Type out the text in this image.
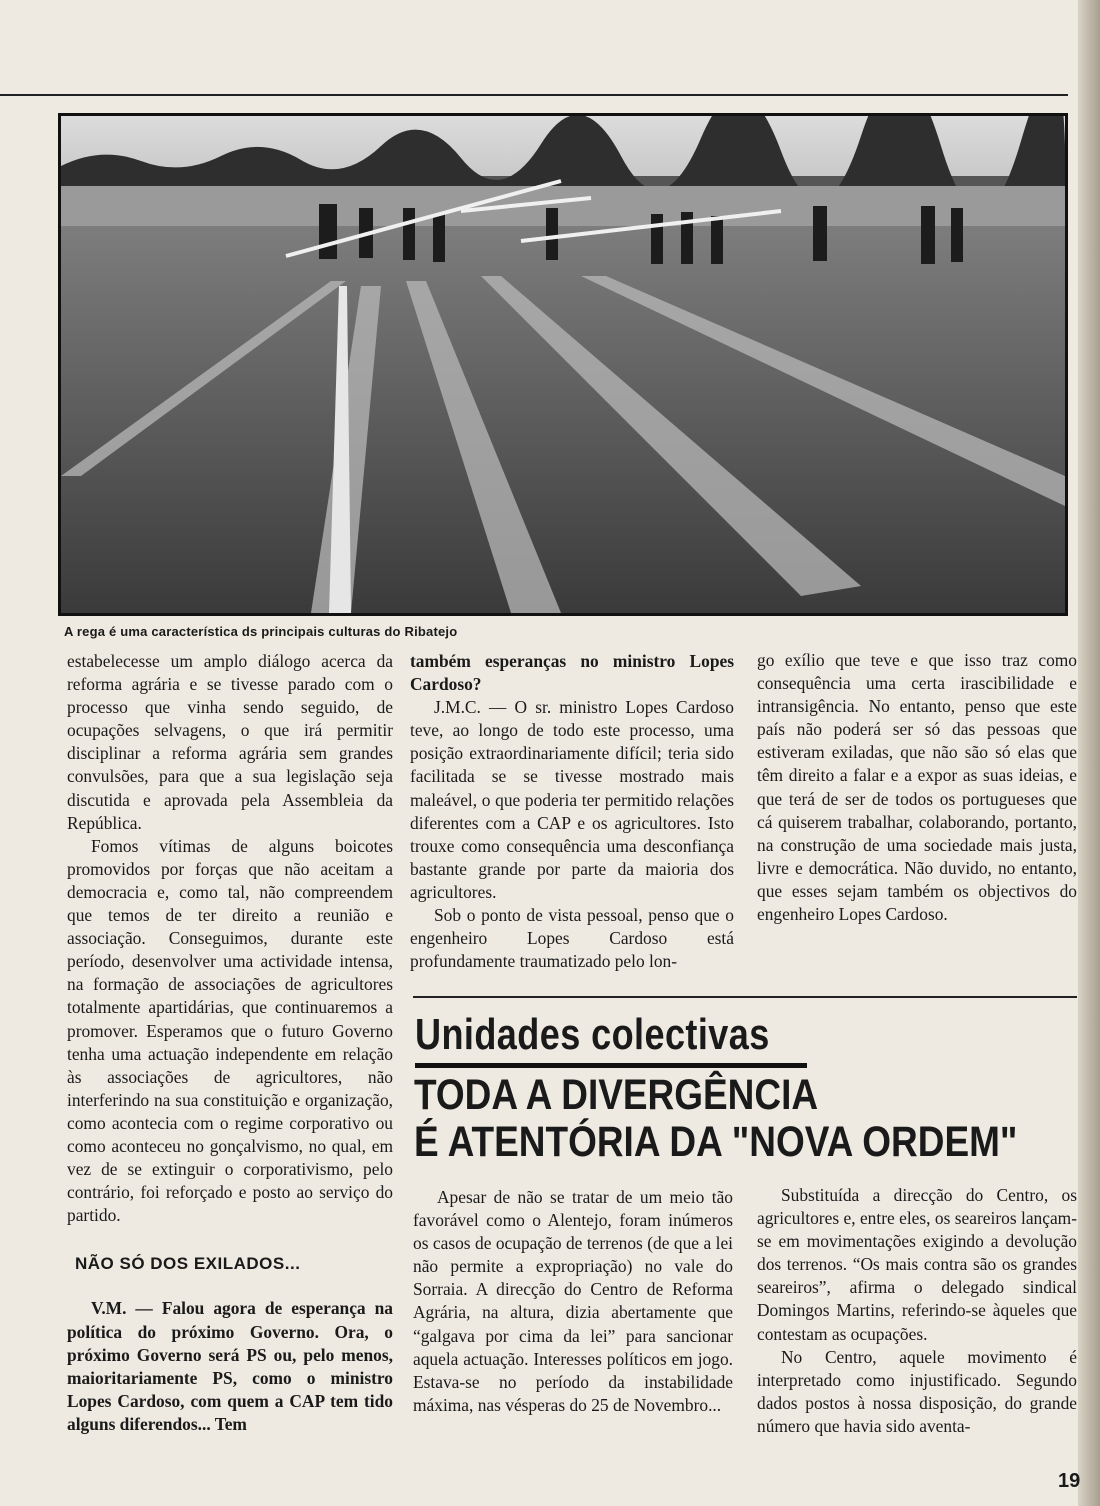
A rega é uma característica ds principais culturas do Ribatejo

estabelecesse um amplo diálogo acerca da reforma agrária e se tivesse parado com o processo que vinha sendo seguido, de ocupações selvagens, o que irá permitir disciplinar a reforma agrária sem grandes convulsões, para que a sua legislação seja discutida e aprovada pela Assembleia da República.

Fomos vítimas de alguns boicotes promovidos por forças que não aceitam a democracia e, como tal, não compreendem que temos de ter direito a reunião e associação. Conseguimos, durante este período, desenvolver uma actividade intensa, na formação de associações de agricultores totalmente apartidárias, que continuaremos a promover. Esperamos que o futuro Governo tenha uma actuação independente em relação às associações de agricultores, não interferindo na sua constituição e organização, como acontecia com o regime corporativo ou como aconteceu no gonçalvismo, no qual, em vez de se extinguir o corporativismo, pelo contrário, foi reforçado e posto ao serviço do partido.

NÃO SÓ DOS EXILADOS...

V.M. — Falou agora de esperança na política do próximo Governo. Ora, o próximo Governo será PS ou, pelo menos, maioritariamente PS, como o ministro Lopes Cardoso, com quem a CAP tem tido alguns diferendos... Tem

também esperanças no ministro Lopes Cardoso?

J.M.C. — O sr. ministro Lopes Cardoso teve, ao longo de todo este processo, uma posição extraordinariamente difícil; teria sido facilitada se se tivesse mostrado mais maleável, o que poderia ter permitido relações diferentes com a CAP e os agricultores. Isto trouxe como consequência uma desconfiança bastante grande por parte da maioria dos agricultores.

Sob o ponto de vista pessoal, penso que o engenheiro Lopes Cardoso está profundamente traumatizado pelo lon-

go exílio que teve e que isso traz como consequência uma certa irascibilidade e intransigência. No entanto, penso que este país não poderá ser só das pessoas que estiveram exiladas, que não são só elas que têm direito a falar e a expor as suas ideias, e que terá de ser de todos os portugueses que cá quiserem trabalhar, colaborando, portanto, na construção de uma sociedade mais justa, livre e democrática. Não duvido, no entanto, que esses sejam também os objectivos do engenheiro Lopes Cardoso.

Unidades colectivas
TODA A DIVERGÊNCIA
É ATENTÓRIA DA "NOVA ORDEM"

Apesar de não se tratar de um meio tão favorável como o Alentejo, foram inúmeros os casos de ocupação de terrenos (de que a lei não permite a expropriação) no vale do Sorraia. A direcção do Centro de Reforma Agrária, na altura, dizia abertamente que “galgava por cima da lei” para sancionar aquela actuação. Interesses políticos em jogo. Estava-se no período da instabilidade máxima, nas vésperas do 25 de Novembro...

Substituída a direcção do Centro, os agricultores e, entre eles, os seareiros lançam-se em movimentações exigindo a devolução dos terrenos. “Os mais contra são os grandes seareiros”, afirma o delegado sindical Domingos Martins, referindo-se àqueles que contestam as ocupações.

No Centro, aquele movimento é interpretado como injustificado. Segundo dados postos à nossa disposição, do grande número que havia sido aventa-

19
